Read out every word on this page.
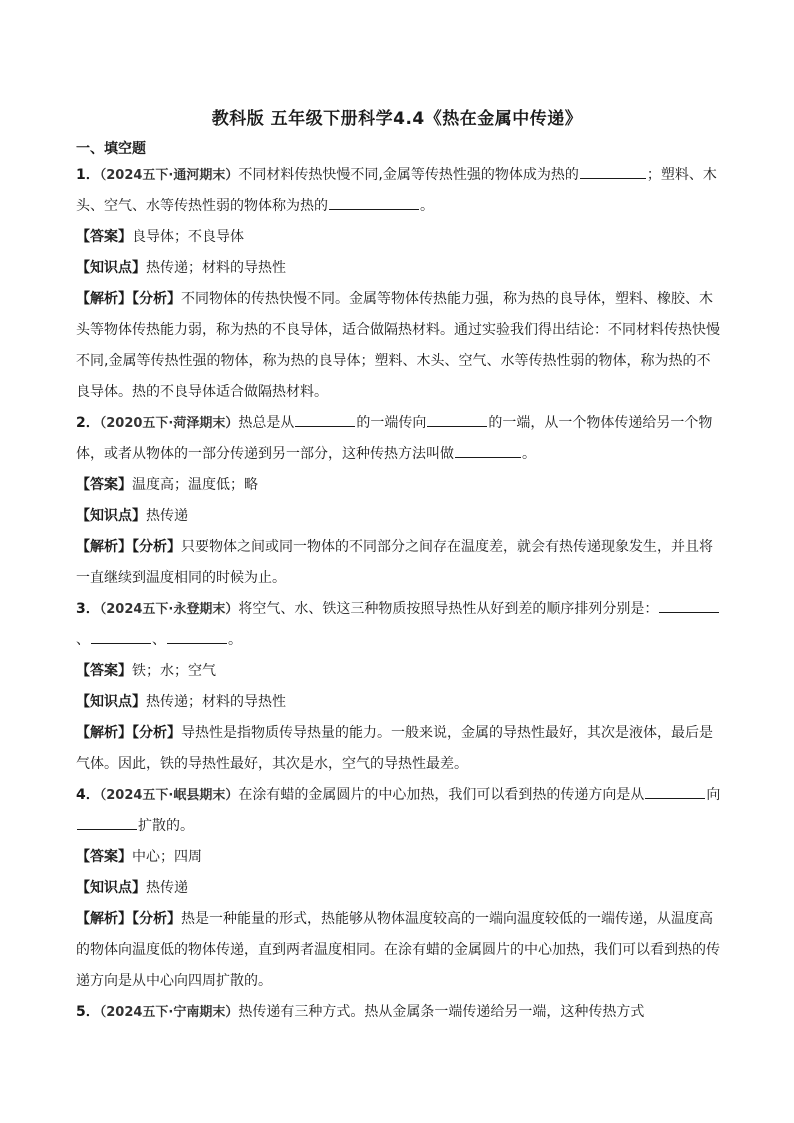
教科版 五年级下册科学4.4《热在金属中传递》
一、填空题

1．（2024五下·通河期末）不同材料传热快慢不同,金属等传热性强的物体成为热的	；塑料、木头、空气、水等传热性弱的物体称为热的	。

【答案】良导体；不良导体

【知识点】热传递；材料的导热性

【解析】【分析】不同物体的传热快慢不同。金属等物体传热能力强，称为热的良导体，塑料、橡胶、木头等物体传热能力弱，称为热的不良导体，适合做隔热材料。通过实验我们得出结论：不同材料传热快慢不同,金属等传热性强的物体，称为热的良导体；塑料、木头、空气、水等传热性弱的物体，称为热的不良导体。热的不良导体适合做隔热材料。

2．（2020五下·菏泽期末）热总是从	的一端传向	的一端，从一个物体传递给另一个物体，或者从物体的一部分传递到另一部分，这种传热方法叫做	。

【答案】温度高；温度低；略

【知识点】热传递

【解析】【分析】只要物体之间或同一物体的不同部分之间存在温度差，就会有热传递现象发生，并且将一直继续到温度相同的时候为止。

3．（2024五下·永登期末）将空气、水、铁这三种物质按照导热性从好到差的顺序排列分别是：、	、	。

【答案】铁；水；空气

【知识点】热传递；材料的导热性

【解析】【分析】导热性是指物质传导热量的能力。一般来说，金属的导热性最好，其次是液体，最后是气体。因此，铁的导热性最好，其次是水，空气的导热性最差。

4．（2024五下·岷县期末）在涂有蜡的金属圆片的中心加热，我们可以看到热的传递方向是从	向扩散的。

【答案】中心；四周

【知识点】热传递

【解析】【分析】热是一种能量的形式，热能够从物体温度较高的一端向温度较低的一端传递，从温度高的物体向温度低的物体传递，直到两者温度相同。在涂有蜡的金属圆片的中心加热，我们可以看到热的传递方向是从中心向四周扩散的。

5．（2024五下·宁南期末）热传递有三种方式。热从金属条一端传递给另一端，这种传热方式
